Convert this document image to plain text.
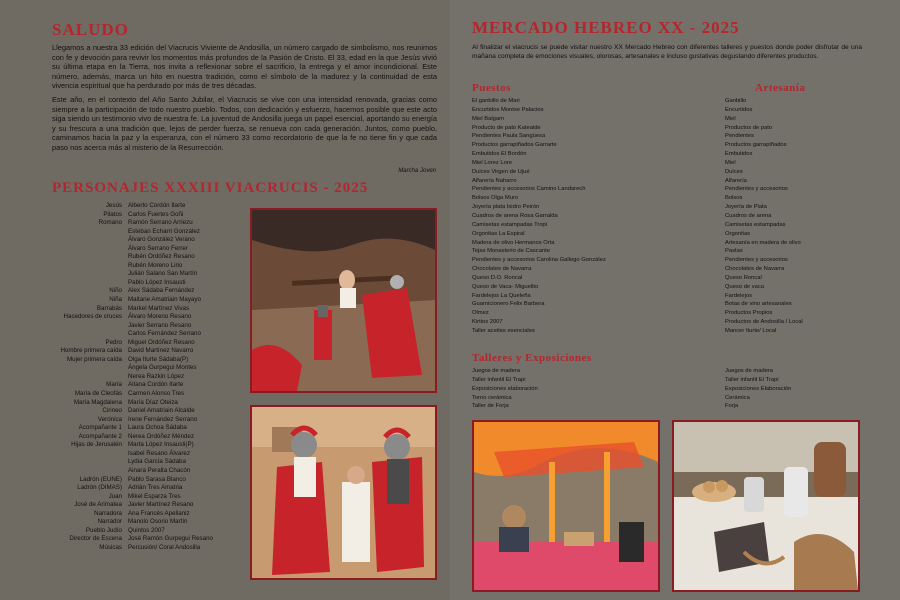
SALUDO

Llegamos a nuestra 33 edición del Viacrucis Viviente de Andosilla, un número cargado de simbolismo, nos reunimos con fe y devoción para revivir los momentos más profundos de la Pasión de Cristo. El 33, edad en la que Jesús vivió su última etapa en la Tierra, nos invita a reflexionar sobre el sacrificio, la entrega y el amor incondicional. Este número, además, marca un hito en nuestra tradición, como el símbolo de la madurez y la continuidad de esta vivencia espiritual que ha perdurado por más de tres décadas.

Este año, en el contexto del Año Santo Jubilar, el Viacrucis se vive con una intensidad renovada, gracias como siempre a la participación de todo nuestro pueblo. Todos, con dedicación y esfuerzo, hacemos posible que este acto siga siendo un testimonio vivo de nuestra fe. La juventud de Andosilla juega un papel esencial, aportando su energía y su frescura a una tradición que, lejos de perder fuerza, se renueva con cada generación. Juntos, como pueblo, caminamos hacia la paz y la esperanza, con el número 33 como recordatorio de que la fe no tiene fin y que cada paso nos acerca más al misterio de la Resurrección.

Marcha Joven
PERSONAJES XXXIII VIACRUCIS - 2025
Jesús Alberto Cordón Itarte
Pilatos Carlos Fuertes Goñi
Romano Ramón Serrano Arriezu
Esteban Echarri González
Álvaro González Verano
Álvaro Serrano Ferrer
Rubén Ordóñez Resano
Rubén Moreno Lirio
Julián Salano San Martín
Pablo López Insausti
Niño Alex Sádaba Fernández
Niña Maitane Amatriain Mayayo
Barrabás Markel Martínez Vivas
Hacedores de cruces Álvaro Moreno Resano
Javier Serrano Resano
Carlos Fernández Serrano
Pedro Miguel Ordóñez Resano
Hombre primera caída David Martínez Navarro
Mujer primera caída Olga Iturte Sádaba(P)
Ángela Gurpegui Montes
Nerea Razkin López
María Aitana Cordón Itarte
María de Cleofás Carmen Alonso Tres
María Magdalena María Díaz Oteiza
Cirineo Daniel Amatriain Alcalde
Verónica Irene Fernández Serrano
Acompañante 1 Laura Ochoa Sádaba
Acompañante 2 Nerea Ordóñez Méndez
Hijas de Jerusalén Marta López Insausti(P)
Isabel Resano Álvarez
Lydia García Sádaba
Ainara Peralta Chacón
Ladrón (EUNE) Pablo Sarasa Blanco
Ladrón (DIMAS) Adrián Tres Amatria
Juan Mikel Esparza Tres
José de Arimatea Javier Martínez Resano
Narradora Ana Francés Apellaniz
Narrador Manolo Osorio Martín
Pueblo Judío Quintos 2007
Director de Escena José Ramón Gurpegui Resano
Músicas Percusión/ Coral Andosilla
MERCADO HEBREO XX - 2025
Al finalizar el viacrucis se puede visitar nuestro XX Mercado Hebreo con diferentes talleres y puestos donde poder disfrutar de una mañana completa de emociones visuales, olorosas, artesanales e incluso gustativas degustando diferentes productos.
Puestos
El ganbillo de Mari
Encurtidos Montse Palacios
Miel Balgam
Producto de pato Kateaide
Pendientes Paula Sangüesa
Productos garrapiñados Garrarte
Embutidos El Bordón
Miel Lorez Lore
Dulces Virgen de Ujué
Alfarería Naharro
Pendientes y accesorios Camino Landarech
Bolsos Olga Muro
Joyería plata Isidro Peirón
Cuadros de arena Rosa Garralda
Camisetas estampadas Tropi
Orgonitas La Espiral
Madera de olivo Hermanos Orta
Tejas Monasterio de Cascante
Pendientes y accesorios Carolina Gallego González
Chocolates de Navarra
Queso D.O. Roncal
Queso de Vaca- Miguelito
Fardelejos La Queleña
Guarnicionero Felix Barbera
Olmez
Kirtios 2007
Taller aceites esenciales
Artesanía
Ganbillo
Encurtidos
Miel
Productos de pato
Pendientes
Productos garrapiñados
Embutidos
Miel
Dulces
Alfarería
Pendientes y accesorios
Bolsos
Joyería de Plata
Cuadros de arena
Camisetas estampadas
Orgonitas
Artesanía en madera de olivo
Pastas
Pendientes y accesorios
Chocolates de Navarra
Queso Roncal
Queso de vaca
Fardelejos
Botas de vino artesanales
Productos Propios
Productos de Andosilla / Local
Mancer Iturte/ Local
Talleres y Exposiciones
Juegos de madera
Taller infantil El Trapi
Exposiciones elaboración
Torno cerámica
Taller de Forja
Juegos de madera
Taller infantil El Trapi
Exposiciones Elaboración
Cerámica
Forja
